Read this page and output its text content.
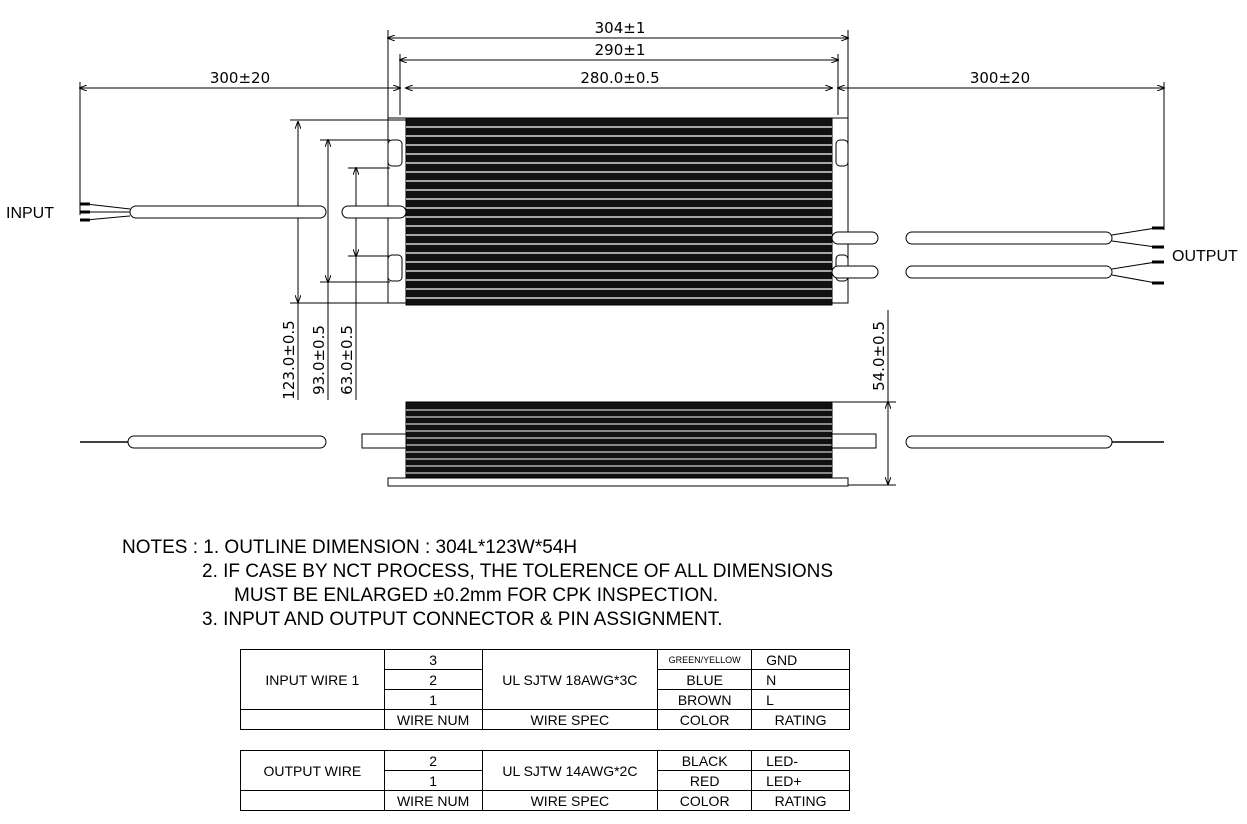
304±1
290±1
280.0±0.5
300±20	300±20
123.0±0.5 93.0±0.5 63.0±0.5
INPUT
OUTPUT
54.0±0.5
NOTES : 1. OUTLINE DIMENSION : 304L*123W*54H
2. IF CASE BY NCT PROCESS, THE TOLERENCE OF ALL DIMENSIONS
MUST BE ENLARGED ±0.2mm FOR CPK INSPECTION.
3. INPUT AND OUTPUT CONNECTOR & PIN ASSIGNMENT.
INPUT WIRE 1	3	UL SJTW 18AWG*3C	GREEN/YELLOW	GND
	2		BLUE	N
	1		BROWN	L
	WIRE NUM	WIRE SPEC	COLOR	RATING
OUTPUT WIRE	2	UL SJTW 14AWG*2C	BLACK	LED-
	1		RED	LED+
	WIRE NUM	WIRE SPEC	COLOR	RATING
